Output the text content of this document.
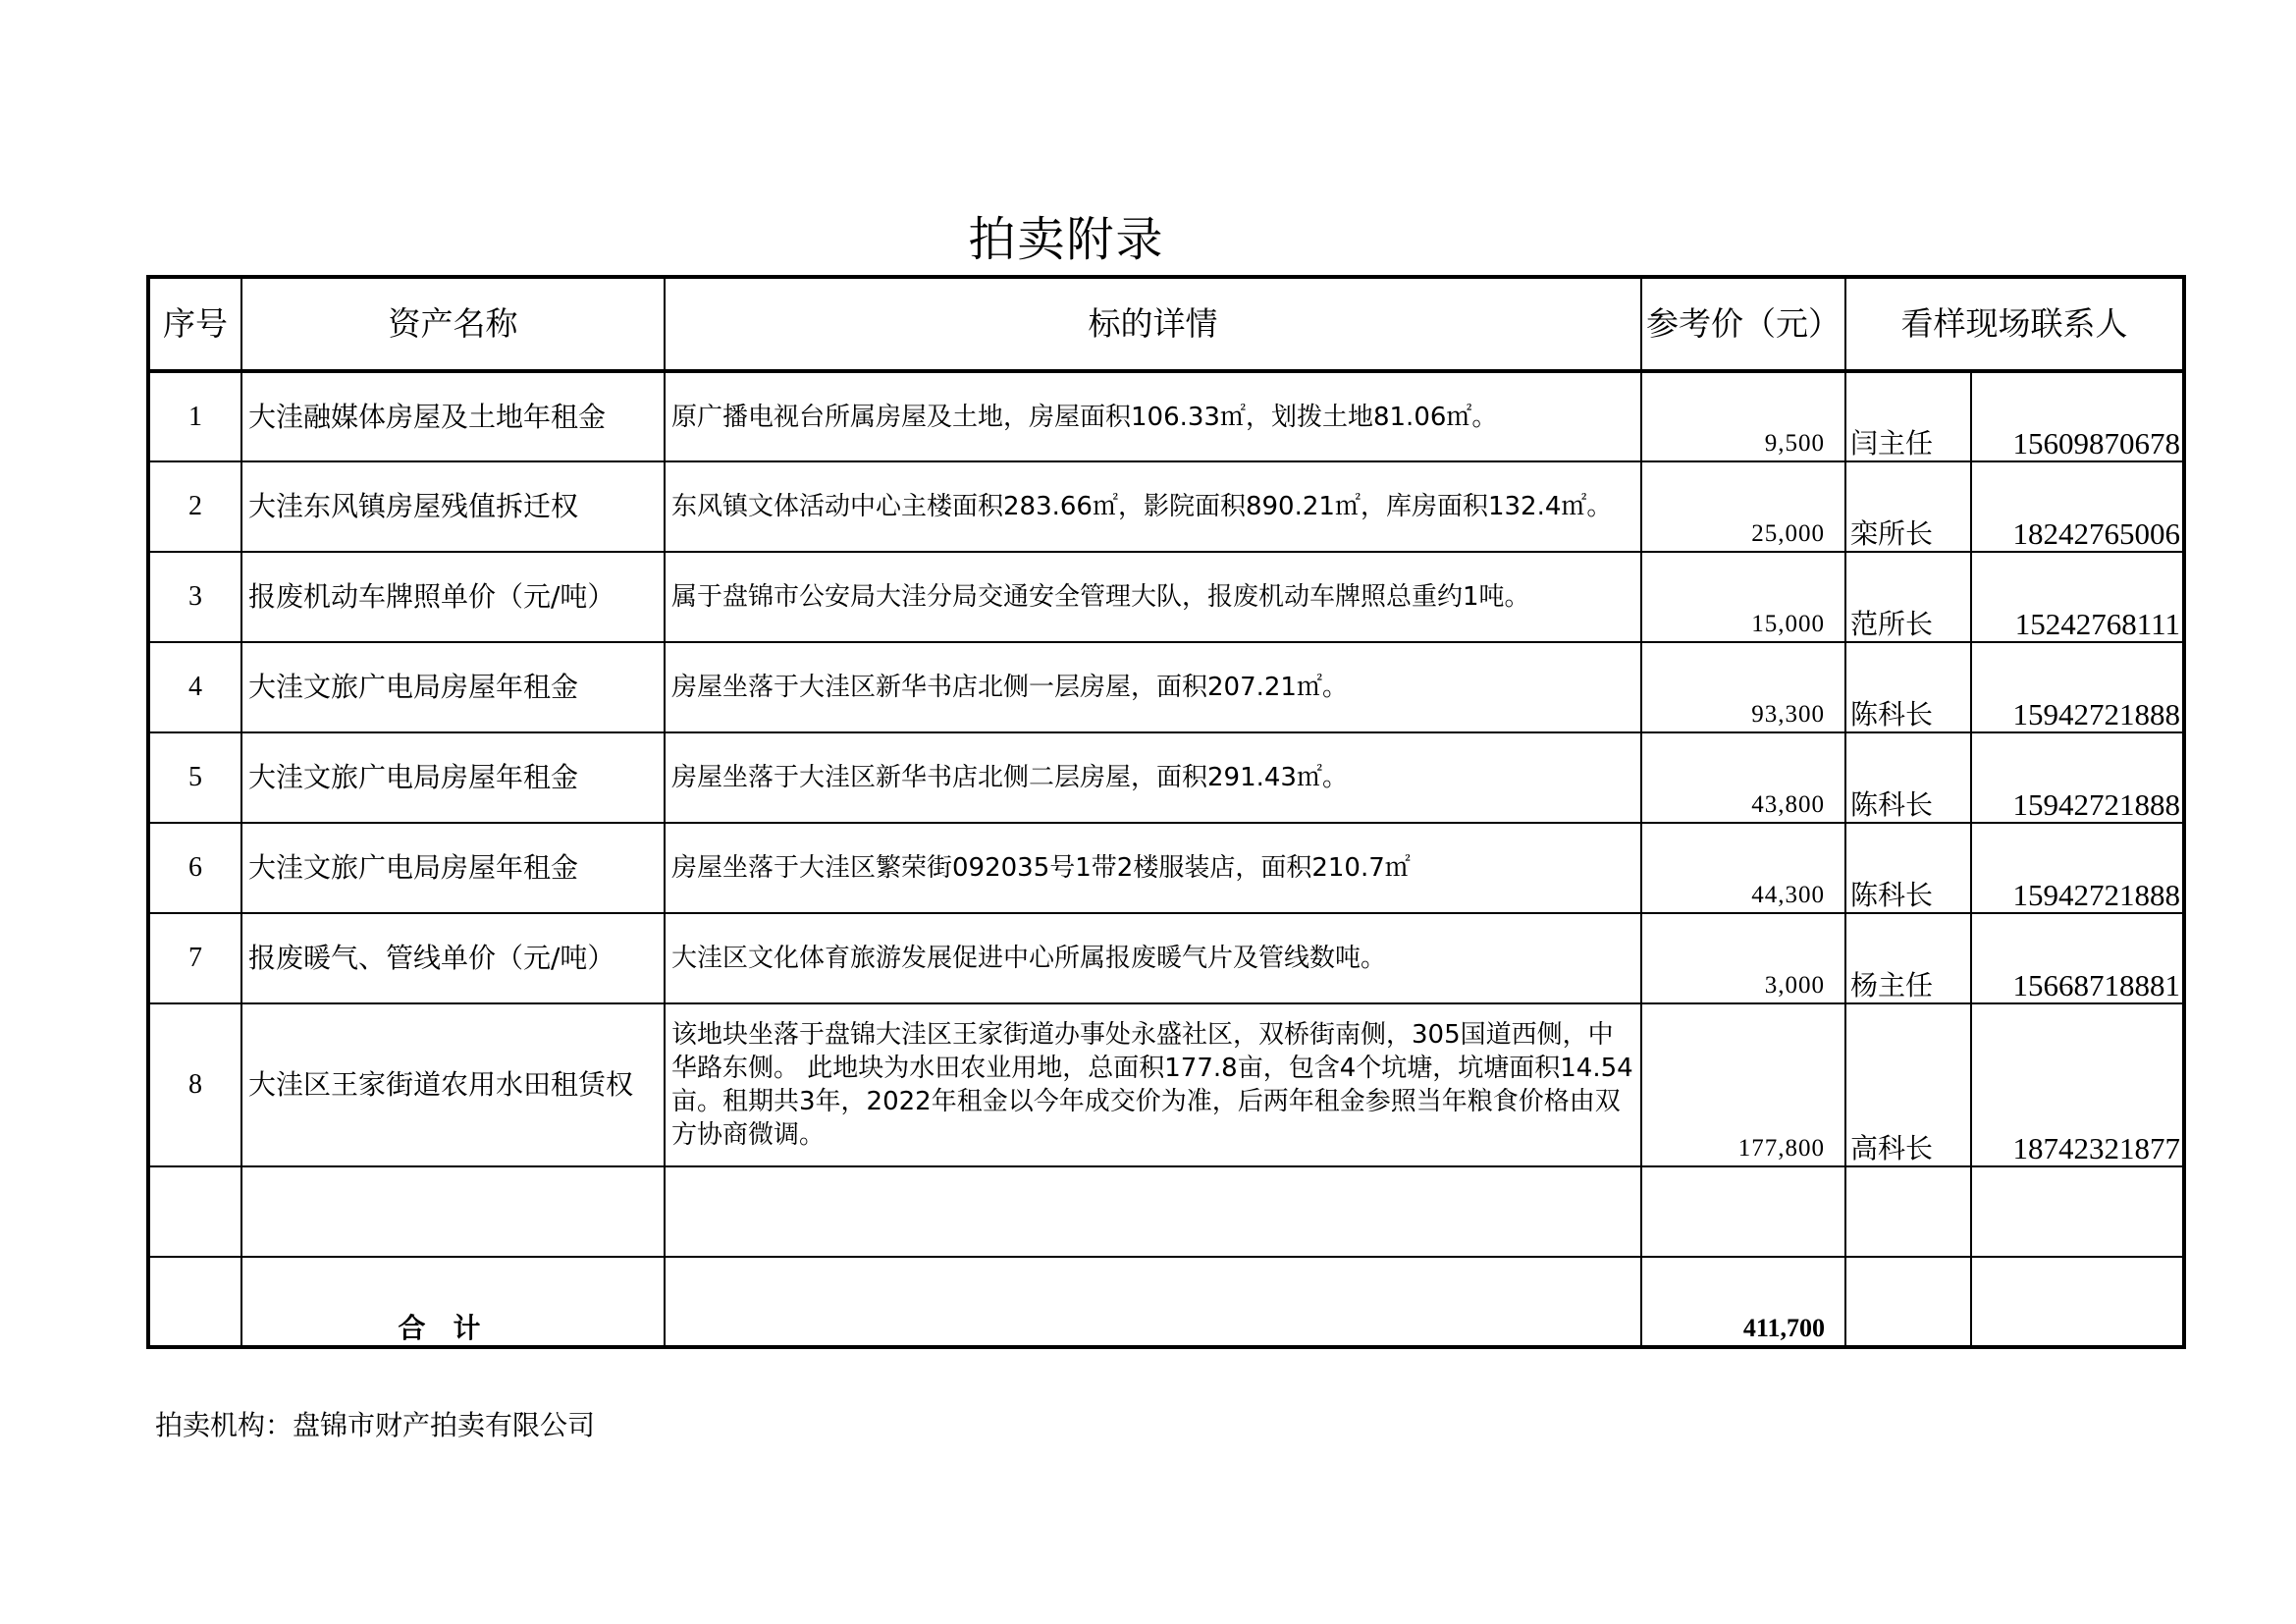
拍卖附录
序号	资产名称	标的详情	参考价（元）	看样现场联系人	
1	大洼融媒体房屋及土地年租金	原广播电视台所属房屋及土地，房屋面积106.33㎡，划拨土地81.06㎡。	9,500	闫主任	15609870678
2	大洼东风镇房屋残值拆迁权	东风镇文体活动中心主楼面积283.66㎡，影院面积890.21㎡，库房面积132.4㎡。	25,000	栾所长	18242765006
3	报废机动车牌照单价（元/吨）	属于盘锦市公安局大洼分局交通安全管理大队，报废机动车牌照总重约1吨。	15,000	范所长	15242768111
4	大洼文旅广电局房屋年租金	房屋坐落于大洼区新华书店北侧一层房屋，面积207.21㎡。	93,300	陈科长	15942721888
5	大洼文旅广电局房屋年租金	房屋坐落于大洼区新华书店北侧二层房屋，面积291.43㎡。	43,800	陈科长	15942721888
6	大洼文旅广电局房屋年租金	房屋坐落于大洼区繁荣街092035号1带2楼服装店，面积210.7㎡	44,300	陈科长	15942721888
7	报废暖气、管线单价（元/吨）	大洼区文化体育旅游发展促进中心所属报废暖气片及管线数吨。	3,000	杨主任	15668718881
8	大洼区王家街道农用水田租赁权	该地块坐落于盘锦大洼区王家街道办事处永盛社区，双桥街南侧，305国道西侧，中华路东侧。 此地块为水田农业用地，总面积177.8亩，包含4个坑塘，坑塘面积14.54亩。租期共3年，2022年租金以今年成交价为准，后两年租金参照当年粮食价格由双方协商微调。	177,800	高科长	18742321877

	合计		411,700		
拍卖机构：盘锦市财产拍卖有限公司
